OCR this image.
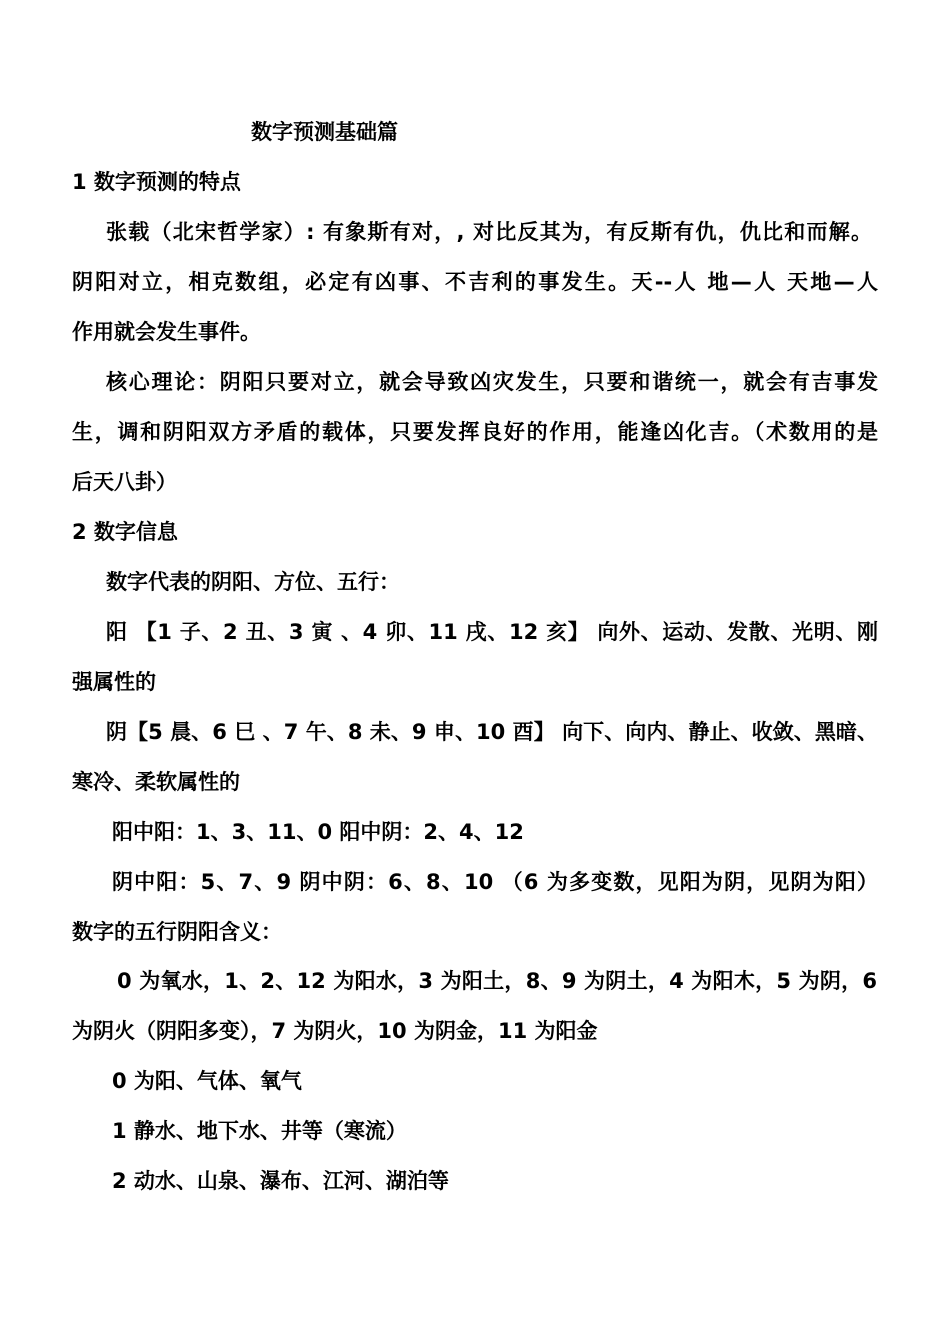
数字预测基础篇
1 数字预测的特点
张载（北宋哲学家）: 有象斯有对，, 对比反其为，有反斯有仇，仇比和而解。
阴阳对立，相克数组，必定有凶事、不吉利的事发生。天--人 地—人 天地—人
作用就会发生事件。
核心理论：阴阳只要对立，就会导致凶灾发生，只要和谐统一，就会有吉事发
生，调和阴阳双方矛盾的载体，只要发挥良好的作用，能逢凶化吉。（术数用的是
后天八卦）
2 数字信息
数字代表的阴阳、方位、五行：
阳 【1 子、2 丑、3 寅 、4 卯、11 戌、12 亥】 向外、运动、发散、光明、刚
强属性的
阴【5 晨、6 巳 、7 午、8 未、9 申、10 酉】 向下、向内、静止、收敛、黑暗、
寒冷、柔软属性的
阳中阳：1、3、11、0 阳中阴：2、4、12
阴中阳：5、7、9 阴中阴：6、8、10 （6 为多变数，见阳为阴，见阴为阳）
数字的五行阴阳含义：
0 为氧水，1、2、12 为阳水，3 为阳土，8、9 为阴土，4 为阳木，5 为阴，6
为阴火（阴阳多变），7 为阴火，10 为阴金，11 为阳金
0 为阳、气体、氧气
1 静水、地下水、井等（寒流）
2 动水、山泉、瀑布、江河、湖泊等
